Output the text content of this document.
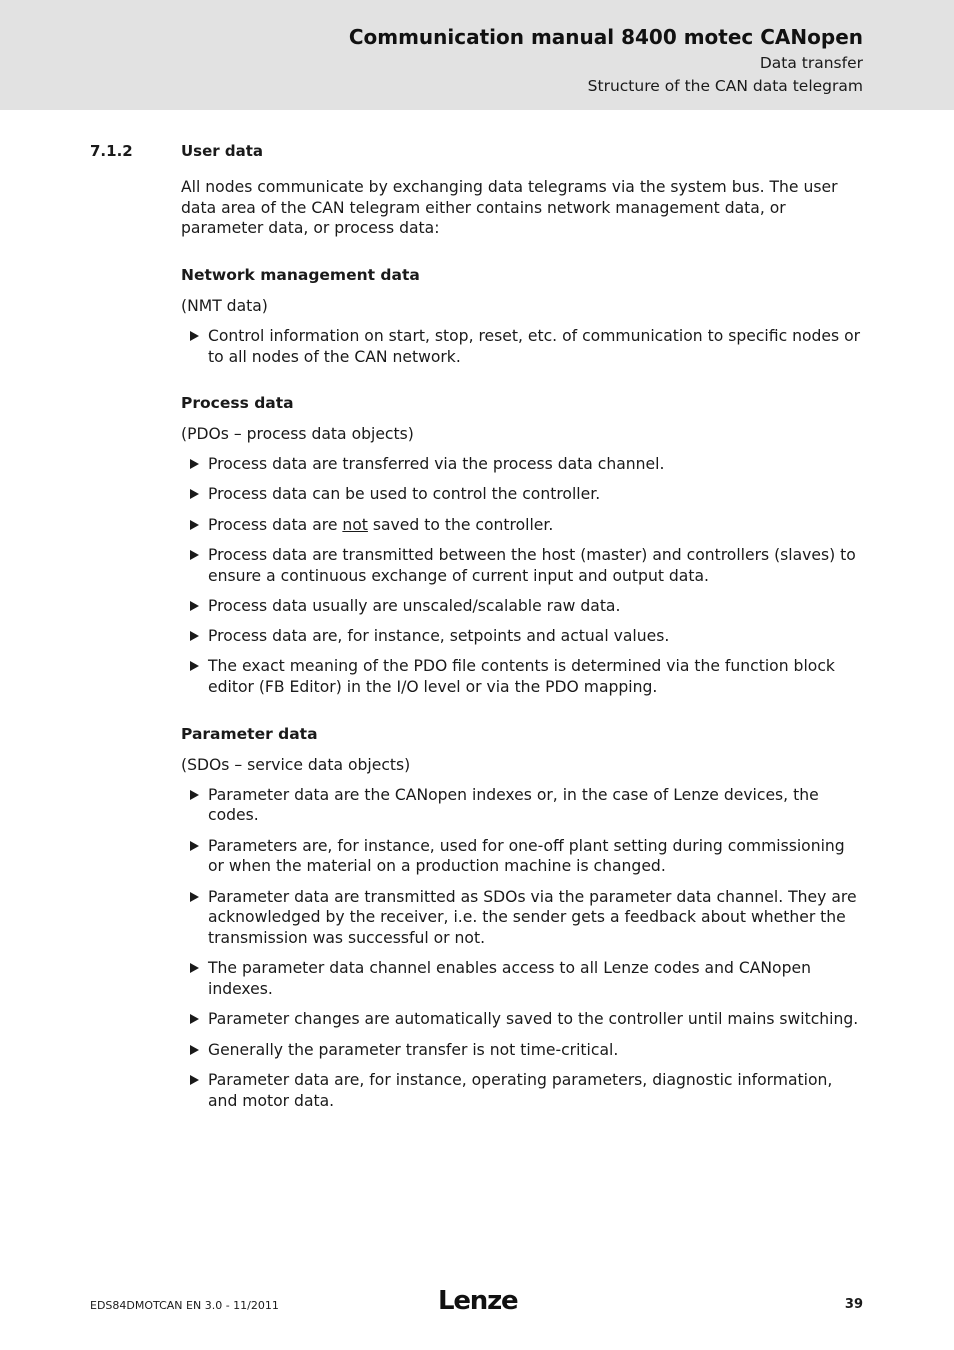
Communication manual 8400 motec CANopen
Data transfer
Structure of the CAN data telegram
7.1.2	User data

All nodes communicate by exchanging data telegrams via the system bus. The user data area of the CAN telegram either contains network management data, or parameter data, or process data:

Network management data

(NMT data)

Control information on start, stop, reset, etc. of communication to specific nodes or to all nodes of the CAN network.

Process data

(PDOs – process data objects)

Process data are transferred via the process data channel.
Process data can be used to control the controller.
Process data are not saved to the controller.
Process data are transmitted between the host (master) and controllers (slaves) to ensure a continuous exchange of current input and output data.
Process data usually are unscaled/scalable raw data.
Process data are, for instance, setpoints and actual values.
The exact meaning of the PDO file contents is determined via the function block editor (FB Editor) in the I/O level or via the PDO mapping.

Parameter data

(SDOs – service data objects)

Parameter data are the CANopen indexes or, in the case of Lenze devices, the codes.
Parameters are, for instance, used for one-off plant setting during commissioning or when the material on a production machine is changed.
Parameter data are transmitted as SDOs via the parameter data channel. They are acknowledged by the receiver, i.e. the sender gets a feedback about whether the transmission was successful or not.
The parameter data channel enables access to all Lenze codes and CANopen indexes.
Parameter changes are automatically saved to the controller until mains switching.
Generally the parameter transfer is not time-critical.
Parameter data are, for instance, operating parameters, diagnostic information, and motor data.
EDS84DMOTCAN EN 3.0 - 11/2011	Lenze	39
